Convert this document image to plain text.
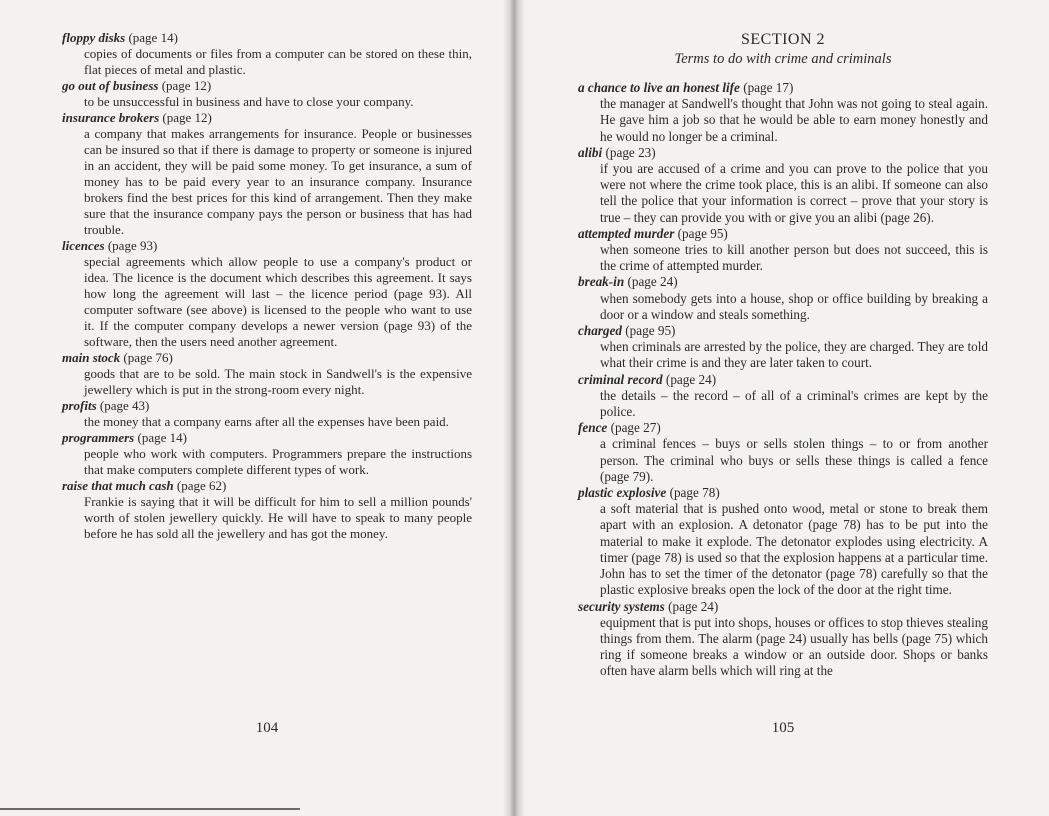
floppy disks (page 14)

copies of documents or files from a computer can be stored on these thin, flat pieces of metal and plastic.

go out of business (page 12)

to be unsuccessful in business and have to close your company.

insurance brokers (page 12)

a company that makes arrangements for insurance. People or businesses can be insured so that if there is damage to property or someone is injured in an accident, they will be paid some money. To get insurance, a sum of money has to be paid every year to an insurance company. Insurance brokers find the best prices for this kind of arrangement. Then they make sure that the insurance company pays the person or business that has had trouble.

licences (page 93)

special agreements which allow people to use a company's product or idea. The licence is the document which describes this agreement. It says how long the agreement will last – the licence period (page 93). All computer software (see above) is licensed to the people who want to use it. If the computer company develops a newer version (page 93) of the software, then the users need another agreement.

main stock (page 76)

goods that are to be sold. The main stock in Sandwell's is the expensive jewellery which is put in the strong-room every night.

profits (page 43)

the money that a company earns after all the expenses have been paid.

programmers (page 14)

people who work with computers. Programmers prepare the instructions that make computers complete different types of work.

raise that much cash (page 62)

Frankie is saying that it will be difficult for him to sell a million pounds' worth of stolen jewellery quickly. He will have to speak to many people before he has sold all the jewellery and has got the money.

104
SECTION 2
Terms to do with crime and criminals

a chance to live an honest life (page 17)

the manager at Sandwell's thought that John was not going to steal again. He gave him a job so that he would be able to earn money honestly and he would no longer be a criminal.

alibi (page 23)

if you are accused of a crime and you can prove to the police that you were not where the crime took place, this is an alibi. If someone can also tell the police that your information is correct – prove that your story is true – they can provide you with or give you an alibi (page 26).

attempted murder (page 95)

when someone tries to kill another person but does not succeed, this is the crime of attempted murder.

break-in (page 24)

when somebody gets into a house, shop or office building by breaking a door or a window and steals something.

charged (page 95)

when criminals are arrested by the police, they are charged. They are told what their crime is and they are later taken to court.

criminal record (page 24)

the details – the record – of all of a criminal's crimes are kept by the police.

fence (page 27)

a criminal fences – buys or sells stolen things – to or from another person. The criminal who buys or sells these things is called a fence (page 79).

plastic explosive (page 78)

a soft material that is pushed onto wood, metal or stone to break them apart with an explosion. A detonator (page 78) has to be put into the material to make it explode. The detonator explodes using electricity. A timer (page 78) is used so that the explosion happens at a particular time. John has to set the timer of the detonator (page 78) carefully so that the plastic explosive breaks open the lock of the door at the right time.

security systems (page 24)

equipment that is put into shops, houses or offices to stop thieves stealing things from them. The alarm (page 24) usually has bells (page 75) which ring if someone breaks a window or an outside door. Shops or banks often have alarm bells which will ring at the

105
